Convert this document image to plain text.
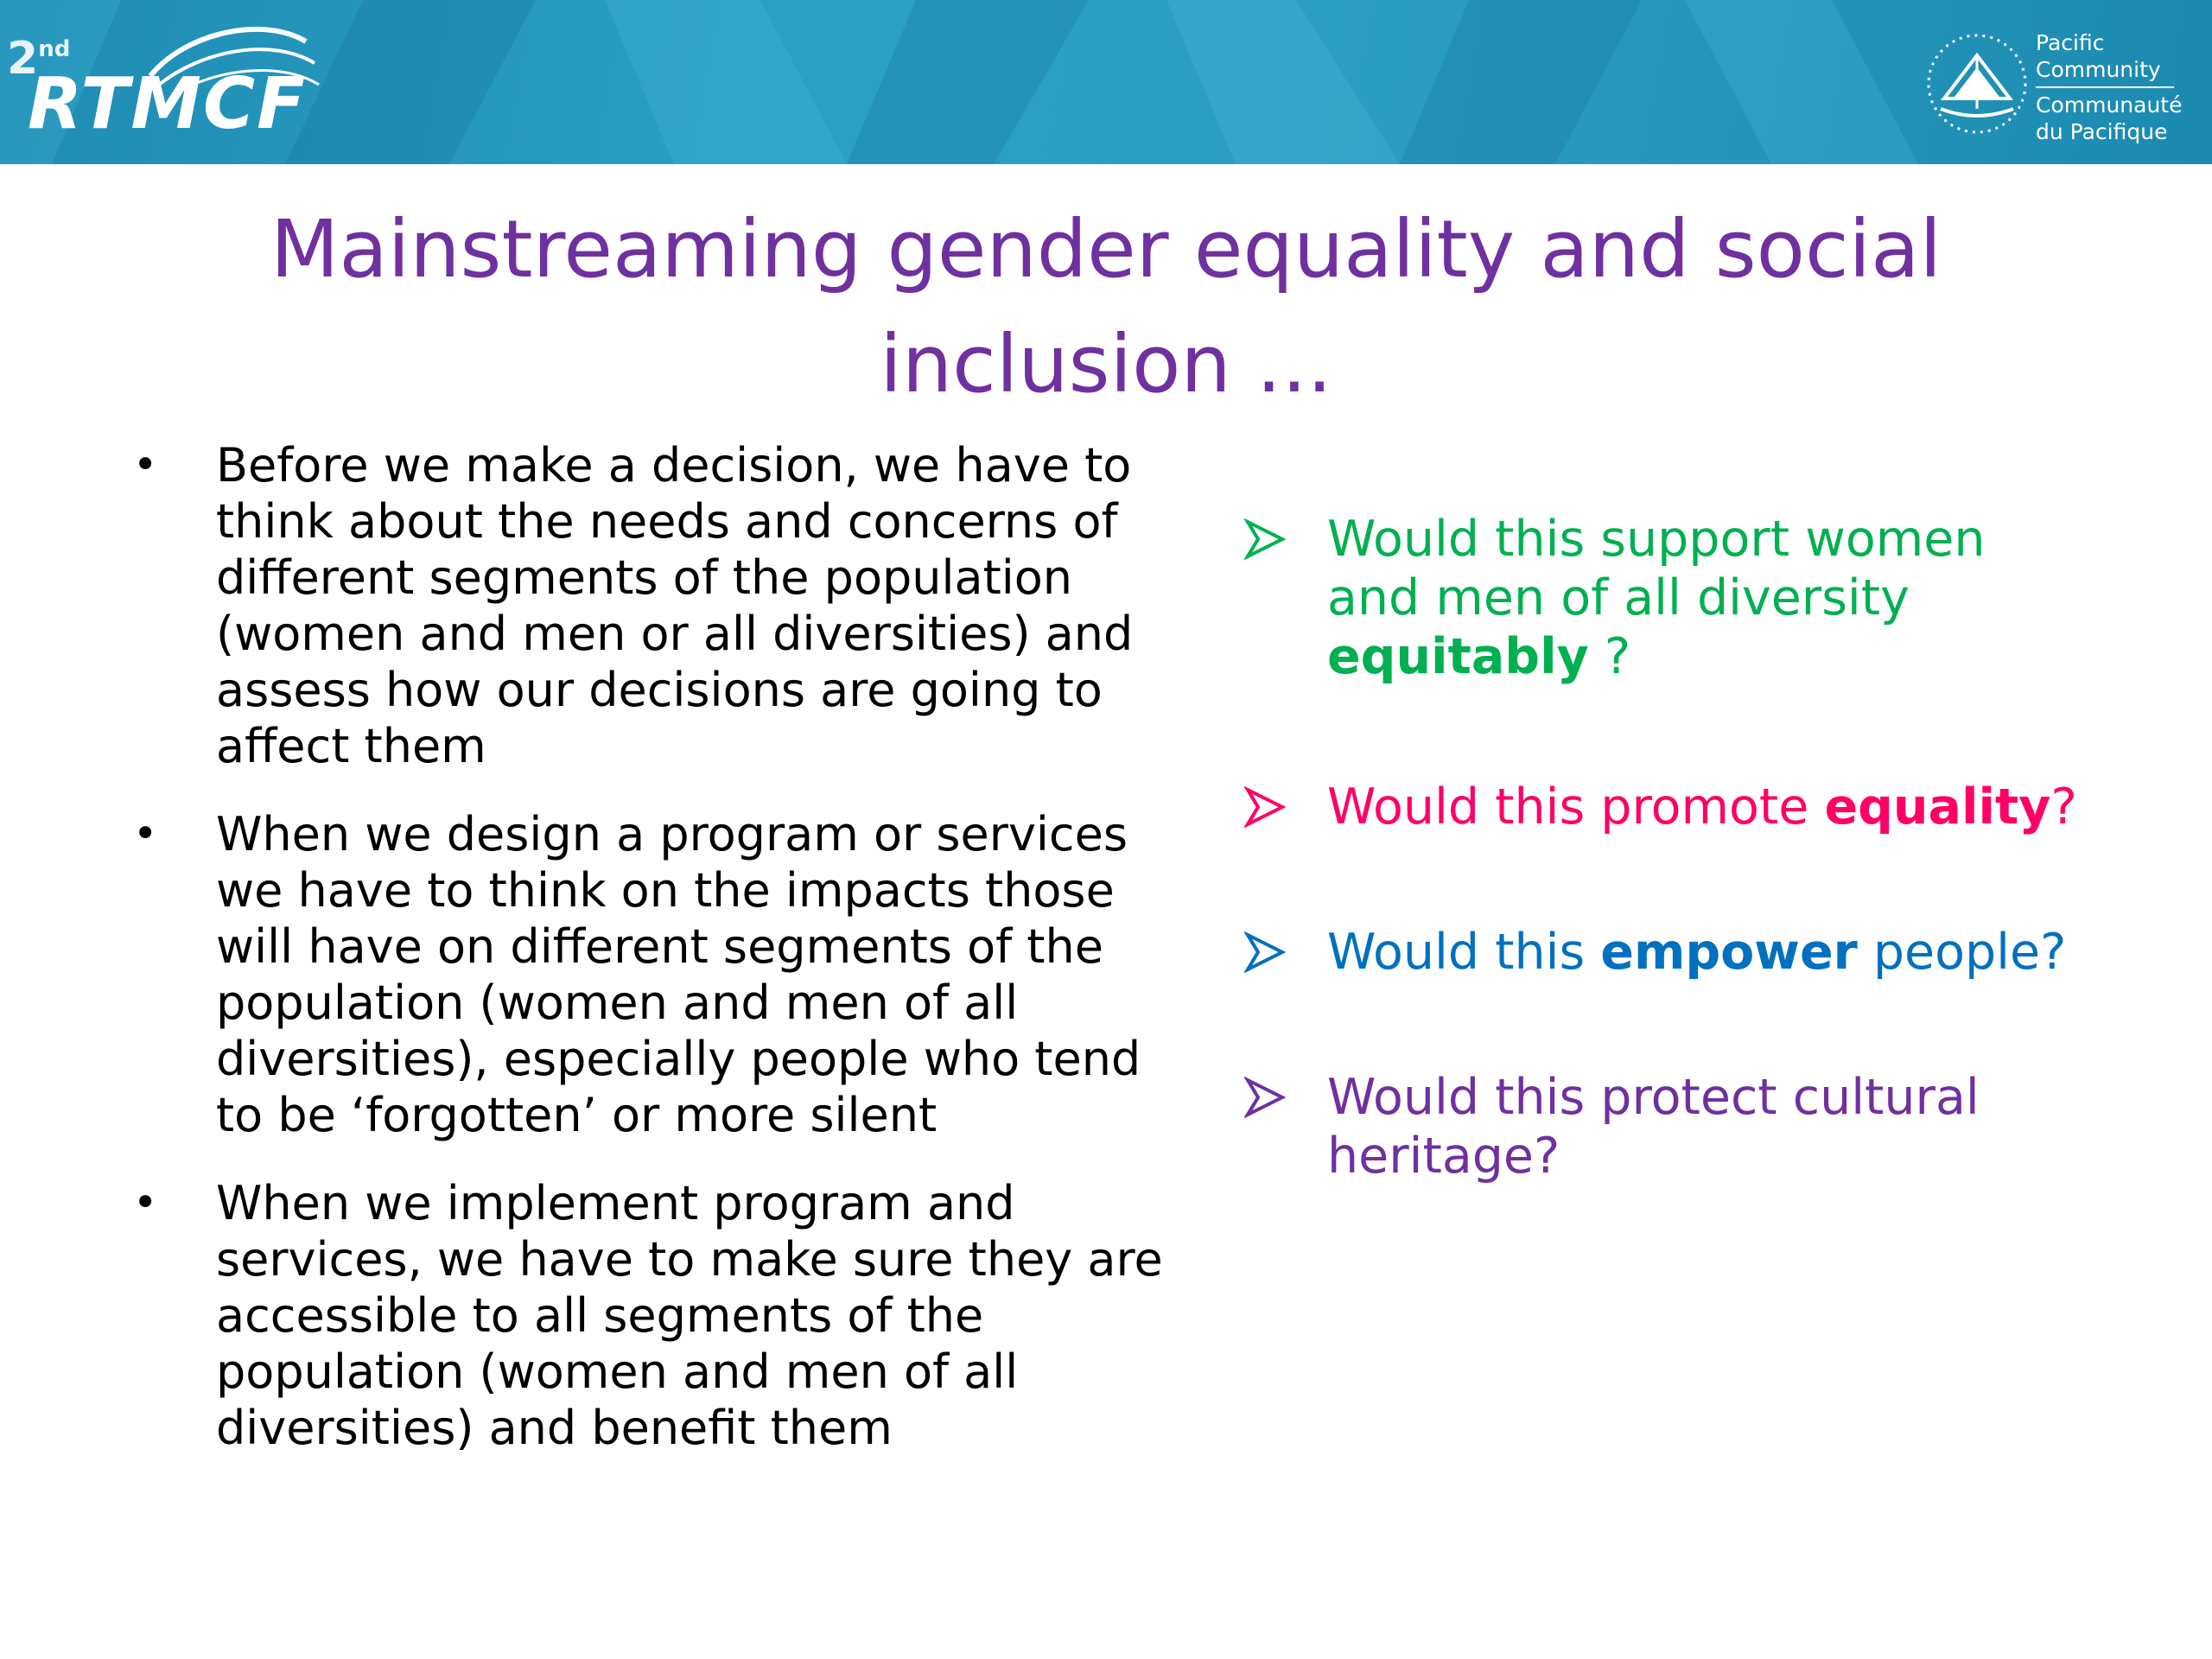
2nd
RTMCF
Pacific
Community
Communauté
du Pacifique
Mainstreaming gender equality and social
inclusion ...
• Before we make a decision, we have to
think about the needs and concerns of
different segments of the population
(women and men or all diversities) and
assess how our decisions are going to
affect them
• When we design a program or services
we have to think on the impacts those
will have on different segments of the
population (women and men of all
diversities), especially people who tend
to be ‘forgotten’ or more silent
• When we implement program and
services, we have to make sure they are
accessible to all segments of the
population (women and men of all
diversities) and benefit them
Would this support women
and men of all diversity
equitably ?
Would this promote equality?
Would this empower people?
Would this protect cultural
heritage?
